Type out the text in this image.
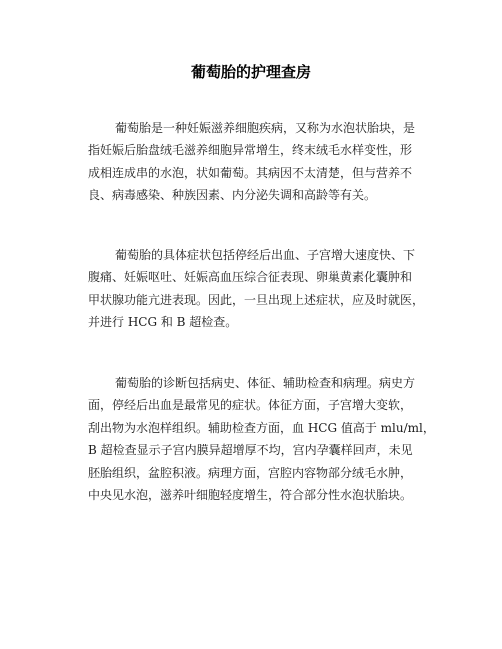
葡萄胎的护理查房
葡萄胎是一种妊娠滋养细胞疾病，又称为水泡状胎块，是
指妊娠后胎盘绒毛滋养细胞异常增生，终末绒毛水样变性，形
成相连成串的水泡，状如葡萄。其病因不太清楚，但与营养不
良、病毒感染、种族因素、内分泌失调和高龄等有关。
葡萄胎的具体症状包括停经后出血、子宫增大速度快、下
腹痛、妊娠呕吐、妊娠高血压综合征表现、卵巢黄素化囊肿和
甲状腺功能亢进表现。因此，一旦出现上述症状，应及时就医，
并进行 HCG 和 B 超检查。
葡萄胎的诊断包括病史、体征、辅助检查和病理。病史方
面，停经后出血是最常见的症状。体征方面，子宫增大变软，
刮出物为水泡样组织。辅助检查方面，血 HCG 值高于 mlu/ml，
B 超检查显示子宫内膜异超增厚不均，宫内孕囊样回声，未见
胚胎组织，盆腔积液。病理方面，宫腔内容物部分绒毛水肿，
中央见水泡，滋养叶细胞轻度增生，符合部分性水泡状胎块。
